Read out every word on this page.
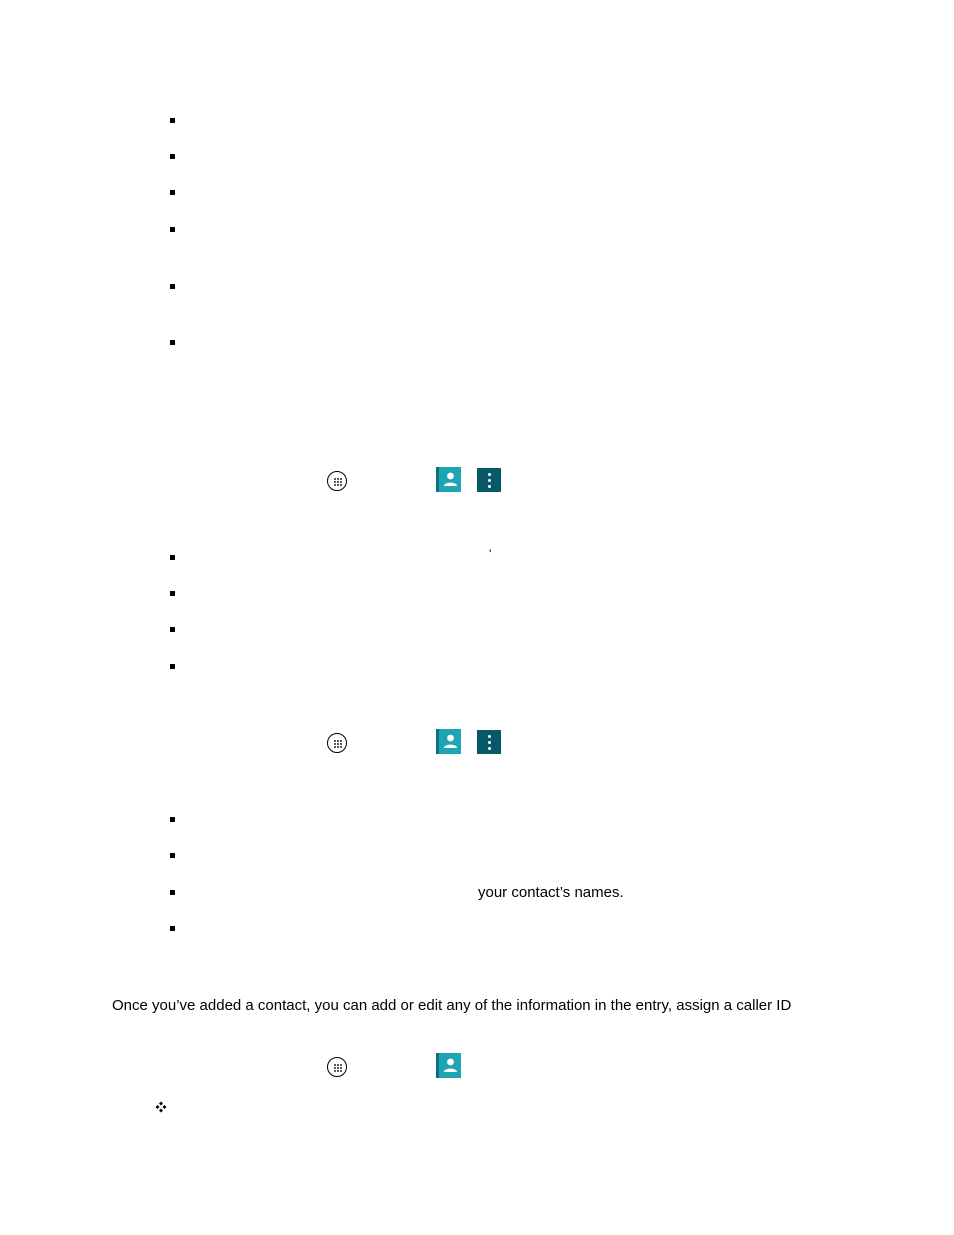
'
your contact’s names.
Once you’ve added a contact, you can add or edit any of the information in the entry, assign a caller ID
